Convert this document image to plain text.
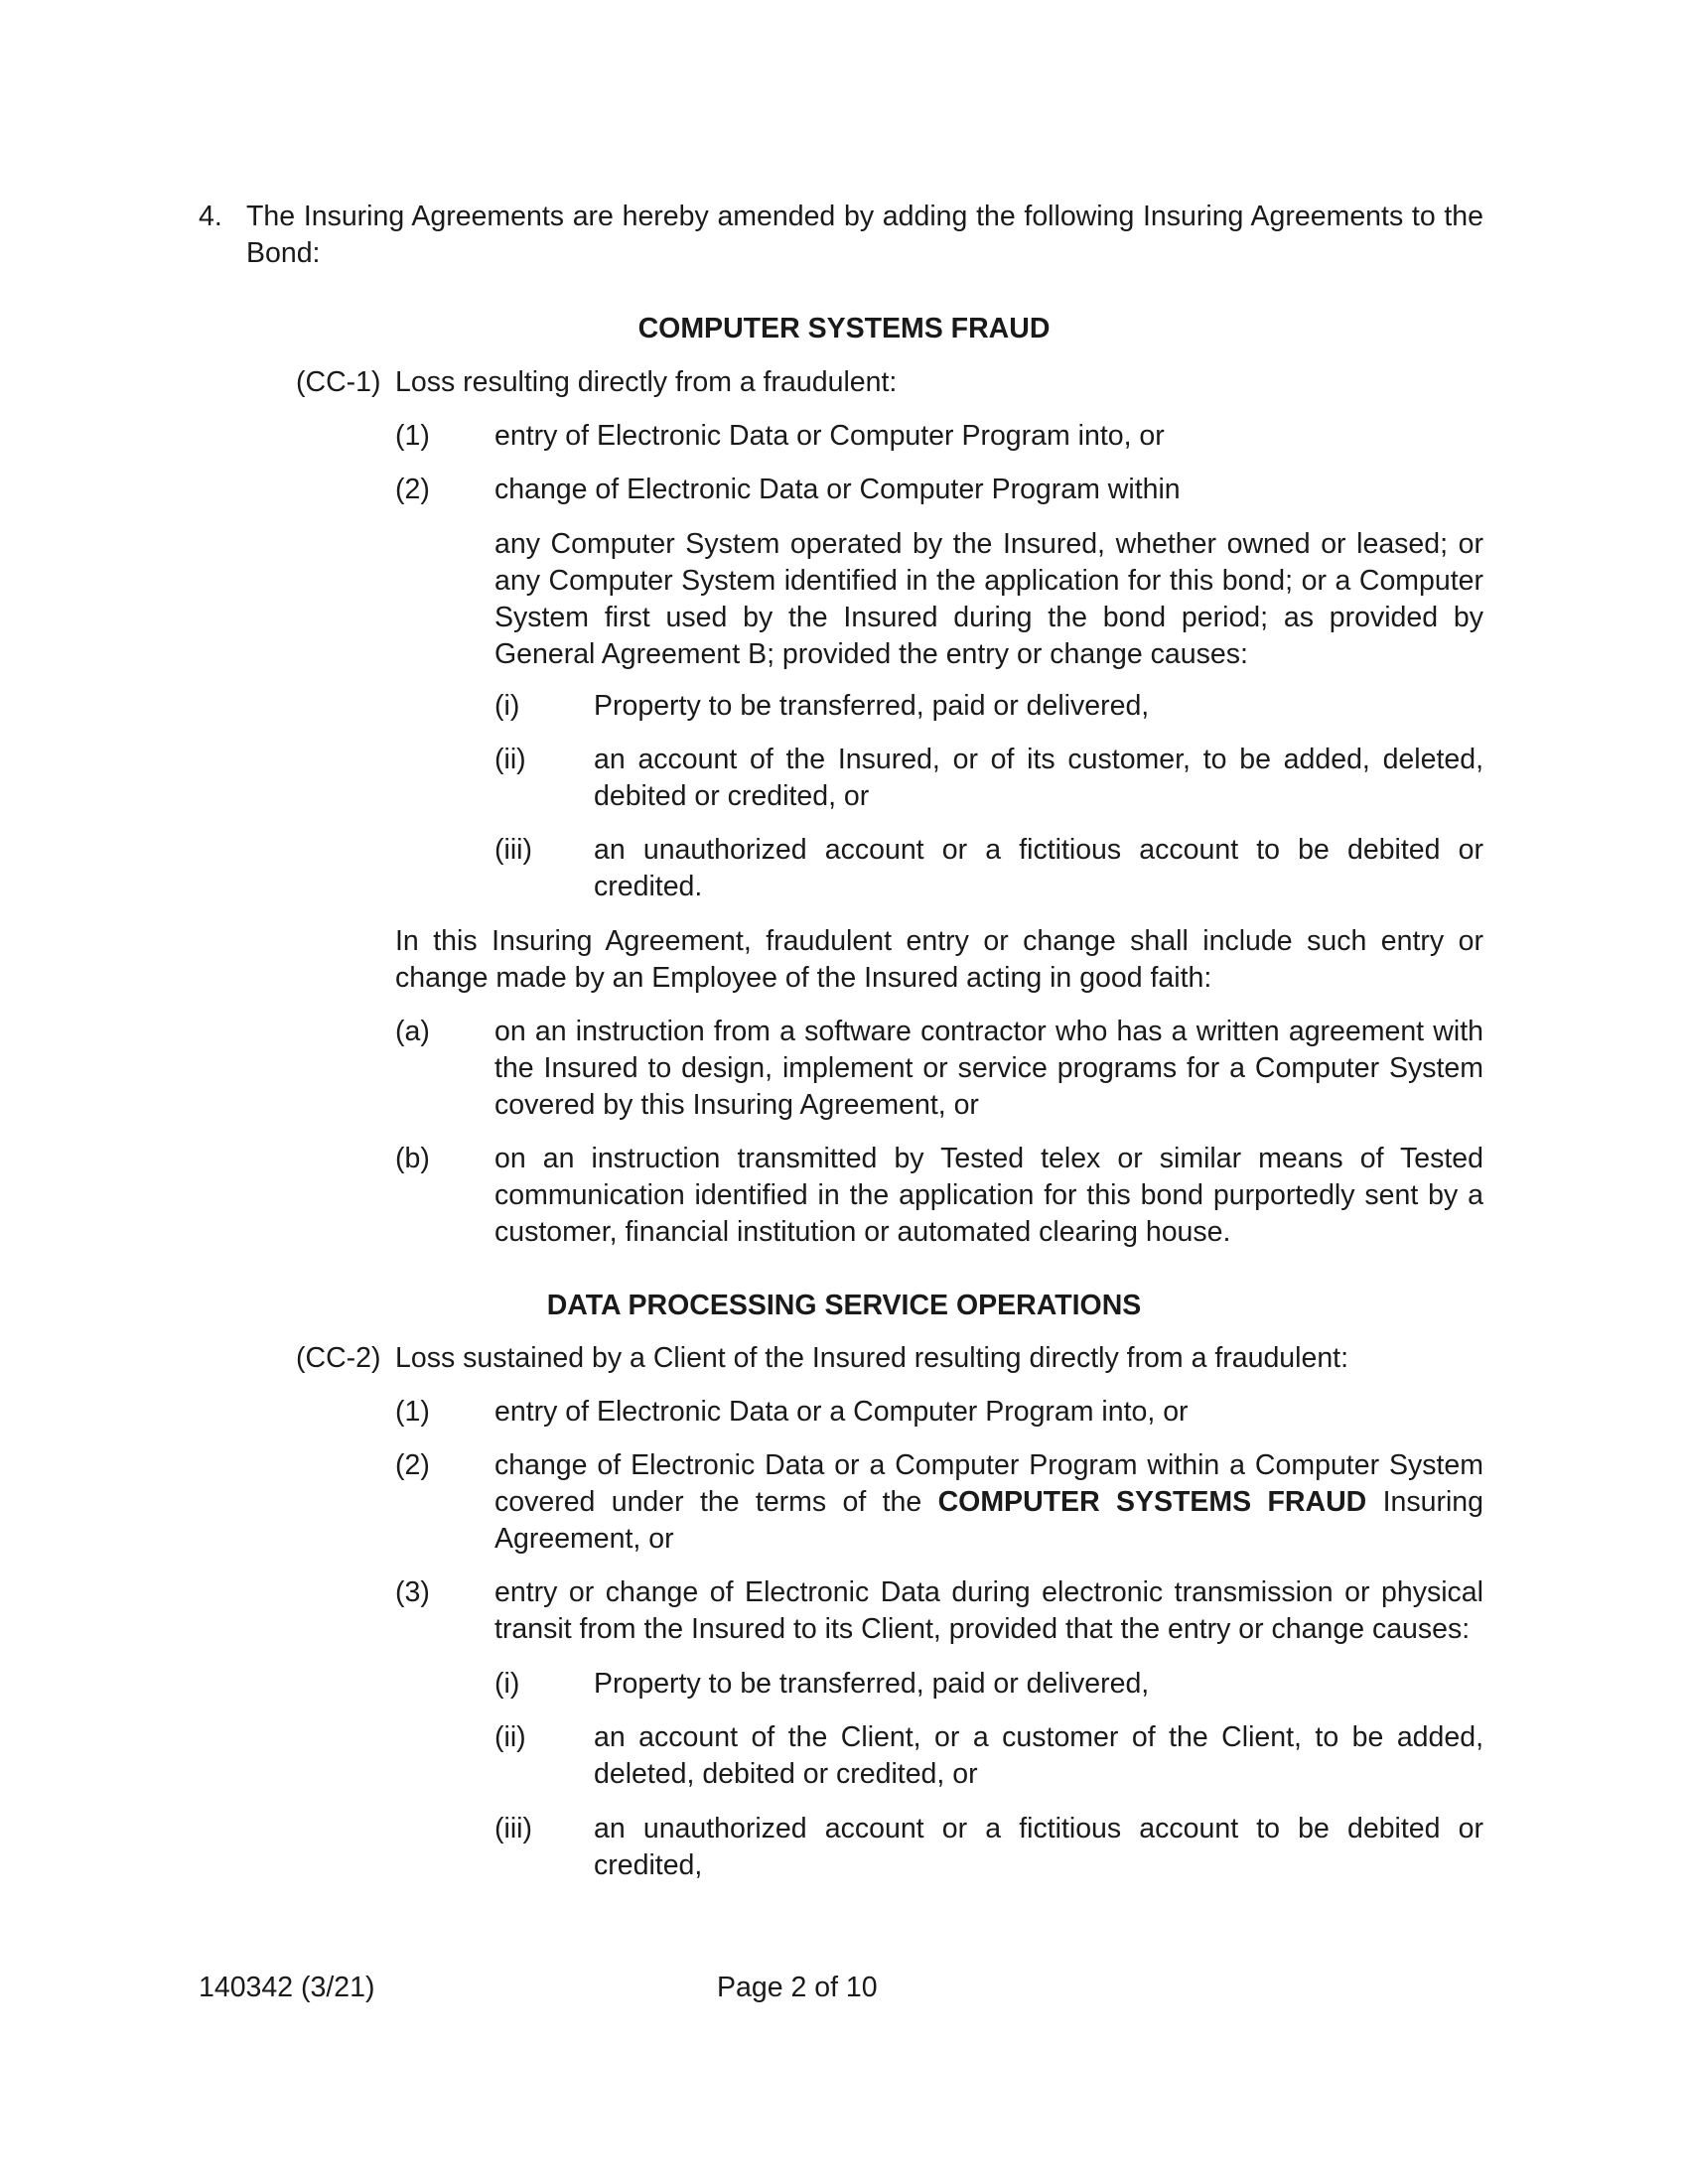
4. The Insuring Agreements are hereby amended by adding the following Insuring Agreements to the Bond:
COMPUTER SYSTEMS FRAUD
(CC-1) Loss resulting directly from a fraudulent:
(1) entry of Electronic Data or Computer Program into, or
(2) change of Electronic Data or Computer Program within
any Computer System operated by the Insured, whether owned or leased; or any Computer System identified in the application for this bond; or a Computer System first used by the Insured during the bond period; as provided by General Agreement B; provided the entry or change causes:
(i)	Property to be transferred, paid or delivered,
(ii) an account of the Insured, or of its customer, to be added, deleted, debited or credited, or
(iii) an unauthorized account or a fictitious account to be debited or credited.
In this Insuring Agreement, fraudulent entry or change shall include such entry or change made by an Employee of the Insured acting in good faith:
(a) on an instruction from a software contractor who has a written agreement with the Insured to design, implement or service programs for a Computer System covered by this Insuring Agreement, or
(b) on an instruction transmitted by Tested telex or similar means of Tested communication identified in the application for this bond purportedly sent by a customer, financial institution or automated clearing house.
DATA PROCESSING SERVICE OPERATIONS
(CC-2) Loss sustained by a Client of the Insured resulting directly from a fraudulent:
(1) entry of Electronic Data or a Computer Program into, or
(2) change of Electronic Data or a Computer Program within a Computer System covered under the terms of the COMPUTER SYSTEMS FRAUD Insuring Agreement, or
(3) entry or change of Electronic Data during electronic transmission or physical transit from the Insured to its Client, provided that the entry or change causes:
(i)	Property to be transferred, paid or delivered,
(ii) an account of the Client, or a customer of the Client, to be added, deleted, debited or credited, or
(iii) an unauthorized account or a fictitious account to be debited or credited,
140342 (3/21)	Page 2 of 10
